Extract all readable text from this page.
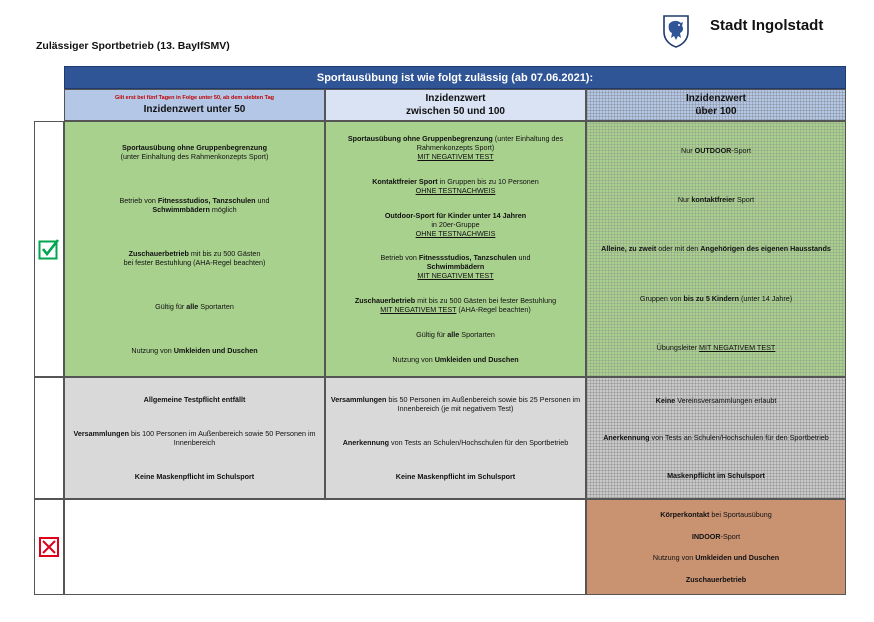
Zulässiger Sportbetrieb (13. BayIfSMV)
Stadt Ingolstadt
Sportausübung ist wie folgt zulässig (ab 07.06.2021):
Gilt erst bei fünf Tagen in Folge unter 50, ab dem siebten Tag
Inzidenzwert unter 50
Inzidenzwert
zwischen 50 und 100
Inzidenzwert
über 100

Sportausübung ohne Gruppenbegrenzung
(unter Einhaltung des Rahmenkonzepts Sport)

Betrieb von Fitnessstudios, Tanzschulen und
Schwimmbädern möglich

Zuschauerbetrieb mit bis zu 500 Gästen
bei fester Bestuhlung (AHA-Regel beachten)

Gültig für alle Sportarten

Nutzung von Umkleiden und Duschen

Sportausübung ohne Gruppenbegrenzung (unter Einhaltung des Rahmenkonzepts Sport)
MIT NEGATIVEM TEST

Kontaktfreier Sport in Gruppen bis zu 10 Personen
OHNE TESTNACHWEIS

Outdoor-Sport für Kinder unter 14 Jahren
in 20er-Gruppe
OHNE TESTNACHWEIS

Betrieb von Fitnessstudios, Tanzschulen und
Schwimmbädern
MIT NEGATIVEM TEST

Zuschauerbetrieb mit bis zu 500 Gästen bei fester Bestuhlung
MIT NEGATIVEM TEST (AHA-Regel beachten)

Gültig für alle Sportarten

Nutzung von Umkleiden und Duschen

Nur OUTDOOR-Sport

Nur kontaktfreier Sport

Alleine, zu zweit oder mit den Angehörigen des eigenen Hausstands

Gruppen von bis zu 5 Kindern (unter 14 Jahre)

Übungsleiter MIT NEGATIVEM TEST

Allgemeine Testpflicht entfällt

Versammlungen bis 100 Personen im Außenbereich sowie 50 Personen im Innenbereich

Keine Maskenpflicht im Schulsport

Versammlungen bis 50 Personen im Außenbereich sowie bis 25 Personen im Innenbereich (je mit negativem Test)

Anerkennung von Tests an Schulen/Hochschulen für den Sportbetrieb

Keine Maskenpflicht im Schulsport

Keine Vereinsversammlungen erlaubt

Anerkennung von Tests an Schulen/Hochschulen für den Sportbetrieb

Maskenpflicht im Schulsport

Körperkontakt bei Sportausübung

INDOOR-Sport

Nutzung von Umkleiden und Duschen

Zuschauerbetrieb
